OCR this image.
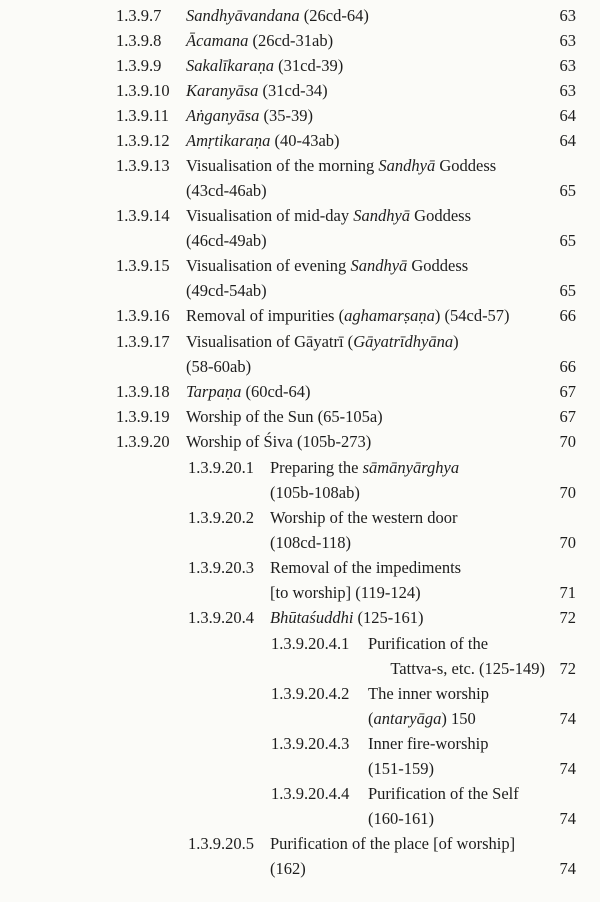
1.3.9.7 Sandhyāvandana (26cd-64)	63
1.3.9.8 Ācamana (26cd-31ab)	63
1.3.9.9 Sakalīkaraṇa (31cd-39)	63
1.3.9.10 Karanyāsa (31cd-34)	63
1.3.9.11 Aṅganyāsa (35-39)	64
1.3.9.12 Amṛtikaraṇa (40-43ab)	64
1.3.9.13 Visualisation of the morning Sandhyā Goddess
(43cd-46ab)	65
1.3.9.14 Visualisation of mid-day Sandhyā Goddess
(46cd-49ab)	65
1.3.9.15 Visualisation of evening Sandhyā Goddess
(49cd-54ab)	65
1.3.9.16 Removal of impurities (aghamarṣaṇa) (54cd-57)	66
1.3.9.17 Visualisation of Gāyatrī (Gāyatrīdhyāna)
(58-60ab)	66
1.3.9.18 Tarpaṇa (60cd-64)	67
1.3.9.19 Worship of the Sun (65-105a)	67
1.3.9.20 Worship of Śiva (105b-273)	70
1.3.9.20.1 Preparing the sāmānyārghya
(105b-108ab)	70
1.3.9.20.2 Worship of the western door
(108cd-118)	70
1.3.9.20.3 Removal of the impediments
[to worship] (119-124)	71
1.3.9.20.4 Bhūtaśuddhi (125-161)	72
1.3.9.20.4.1 Purification of the
Tattva-s, etc. (125-149) 72
1.3.9.20.4.2 The inner worship
(antaryāga) 150	74
1.3.9.20.4.3 Inner fire-worship
(151-159)	74
1.3.9.20.4.4 Purification of the Self
(160-161)	74
1.3.9.20.5 Purification of the place [of worship]
(162)	74
